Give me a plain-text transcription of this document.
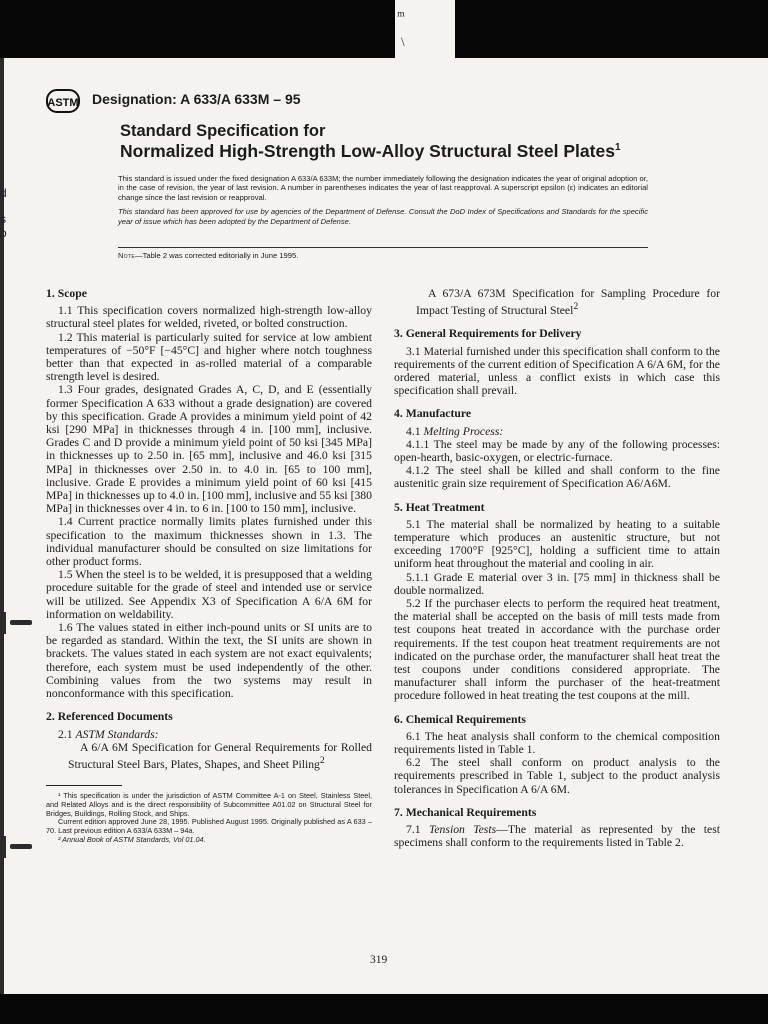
ᵐ
\
d
s
o
ASTM Designation: A 633/A 633M – 95
Standard Specification for
Normalized High-Strength Low-Alloy Structural Steel Plates$^1$

This standard is issued under the fixed designation A 633/A 633M; the number immediately following the designation indicates the year of original adoption or, in the case of revision, the year of last revision. A number in parentheses indicates the year of last reapproval. A superscript epsilon (ε) indicates an editorial change since the last revision or reapproval.

This standard has been approved for use by agencies of the Department of Defense. Consult the DoD Index of Specifications and Standards for the specific year of issue which has been adopted by the Department of Defense.

Note—Table 2 was corrected editorially in June 1995.
1. Scope

1.1 This specification covers normalized high-strength low-alloy structural steel plates for welded, riveted, or bolted construction.

1.2 This material is particularly suited for service at low ambient temperatures of −50°F [−45°C] and higher where notch toughness better than that expected in as-rolled material of a comparable strength level is desired.

1.3 Four grades, designated Grades A, C, D, and E (essentially former Specification A 633 without a grade designation) are covered by this specification. Grade A provides a minimum yield point of 42 ksi [290 MPa] in thicknesses through 4 in. [100 mm], inclusive. Grades C and D provide a minimum yield point of 50 ksi [345 MPa] in thicknesses up to 2.50 in. [65 mm], inclusive and 46.0 ksi [315 MPa] in thicknesses over 2.50 in. to 4.0 in. [65 to 100 mm], inclusive. Grade E provides a minimum yield point of 60 ksi [415 MPa] in thicknesses up to 4.0 in. [100 mm], inclusive and 55 ksi [380 MPa] in thicknesses over 4 in. to 6 in. [100 to 150 mm], inclusive.

1.4 Current practice normally limits plates furnished under this specification to the maximum thicknesses shown in 1.3. The individual manufacturer should be consulted on size limitations for other product forms.

1.5 When the steel is to be welded, it is presupposed that a welding procedure suitable for the grade of steel and intended use or service will be utilized. See Appendix X3 of Specification A 6/A 6M for information on weldability.

1.6 The values stated in either inch-pound units or SI units are to be regarded as standard. Within the text, the SI units are shown in brackets. The values stated in each system are not exact equivalents; therefore, each system must be used independently of the other. Combining values from the two systems may result in nonconformance with this specification.

2. Referenced Documents

2.1 ASTM Standards:

A 6/A 6M Specification for General Requirements for Rolled Structural Steel Bars, Plates, Shapes, and Sheet Piling$^2$

¹ This specification is under the jurisdiction of ASTM Committee A-1 on Steel, Stainless Steel, and Related Alloys and is the direct responsibility of Subcommittee A01.02 on Structural Steel for Bridges, Buildings, Rolling Stock, and Ships.

Current edition approved June 28, 1995. Published August 1995. Originally published as A 633 – 70. Last previous edition A 633/A 633M – 94a.

² Annual Book of ASTM Standards, Vol 01.04.

A 673/A 673M Specification for Sampling Procedure for Impact Testing of Structural Steel$^2$

3. General Requirements for Delivery

3.1 Material furnished under this specification shall conform to the requirements of the current edition of Specification A 6/A 6M, for the ordered material, unless a conflict exists in which case this specification shall prevail.

4. Manufacture

4.1 Melting Process:

4.1.1 The steel may be made by any of the following processes: open-hearth, basic-oxygen, or electric-furnace.

4.1.2 The steel shall be killed and shall conform to the fine austenitic grain size requirement of Specification A6/A6M.

5. Heat Treatment

5.1 The material shall be normalized by heating to a suitable temperature which produces an austenitic structure, but not exceeding 1700°F [925°C], holding a sufficient time to attain uniform heat throughout the material and cooling in air.

5.1.1 Grade E material over 3 in. [75 mm] in thickness shall be double normalized.

5.2 If the purchaser elects to perform the required heat treatment, the material shall be accepted on the basis of mill tests made from test coupons heat treated in accordance with the purchase order requirements. If the test coupon heat treatment requirements are not indicated on the purchase order, the manufacturer shall heat treat the test coupons under conditions considered appropriate. The manufacturer shall inform the purchaser of the heat-treatment procedure followed in heat treating the test coupons at the mill.

6. Chemical Requirements

6.1 The heat analysis shall conform to the chemical composition requirements listed in Table 1.

6.2 The steel shall conform on product analysis to the requirements prescribed in Table 1, subject to the product analysis tolerances in Specification A 6/A 6M.

7. Mechanical Requirements

7.1 Tension Tests—The material as represented by the test specimens shall conform to the requirements listed in Table 2.

319
